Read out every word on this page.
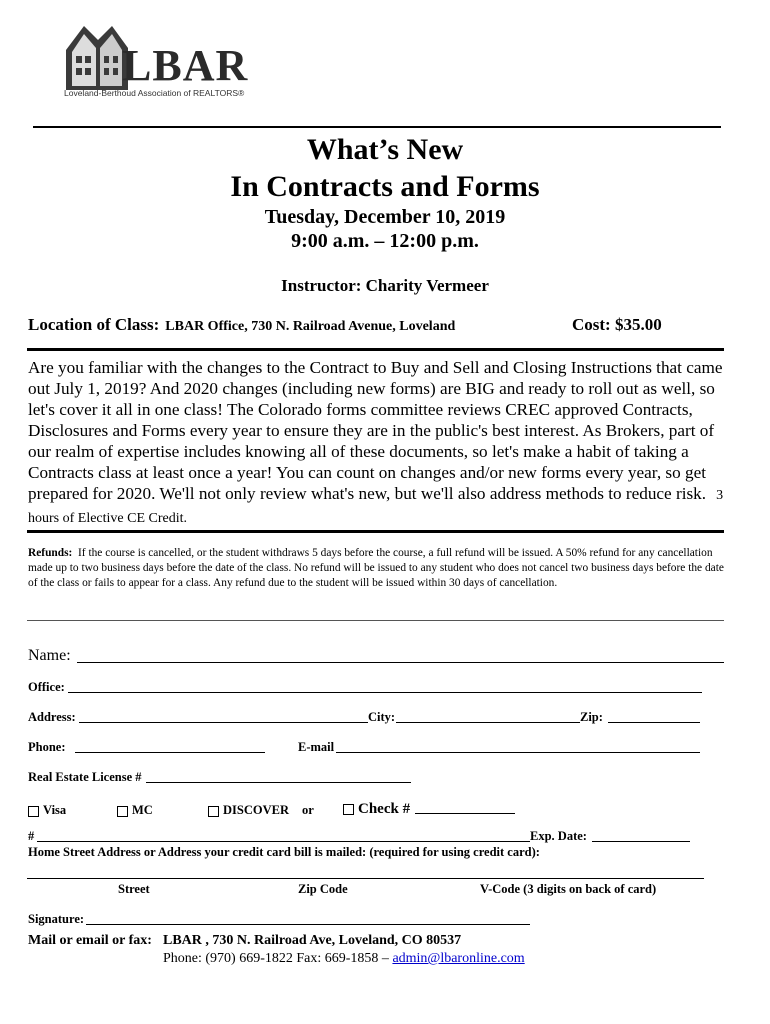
LBAR
Loveland-Berthoud Association of REALTORS®
What’s New
In Contracts and Forms
Tuesday, December 10, 2019
9:00 a.m. – 12:00 p.m.
Instructor: Charity Vermeer
Location of Class: LBAR Office, 730 N. Railroad Avenue, Loveland	Cost: $35.00
Are you familiar with the changes to the Contract to Buy and Sell and Closing Instructions that came out July 1, 2019? And 2020 changes (including new forms) are BIG and ready to roll out as well, so let's cover it all in one class! The Colorado forms committee reviews CREC approved Contracts, Disclosures and Forms every year to ensure they are in the public's best interest. As Brokers, part of our realm of expertise includes knowing all of these documents, so let's make a habit of taking a Contracts class at least once a year! You can count on changes and/or new forms every year, so get prepared for 2020. We'll not only review what's new, but we'll also address methods to reduce risk. 3 hours of Elective CE Credit.
Refunds: If the course is cancelled, or the student withdraws 5 days before the course, a full refund will be issued. A 50% refund for any cancellation made up to two business days before the date of the class. No refund will be issued to any student who does not cancel two business days before the date of the class or fails to appear for a class. Any refund due to the student will be issued within 30 days of cancellation.
Name:
Office:
Address:	City:	Zip:
Phone:	E-mail
Real Estate License #
Visa	MC	DISCOVER or	Check #
#	Exp. Date:
Home Street Address or Address your credit card bill is mailed: (required for using credit card):
Street	Zip Code	V-Code (3 digits on back of card)
Signature:
Mail or email or fax: LBAR , 730 N. Railroad Ave, Loveland, CO 80537
Phone: (970) 669-1822 Fax: 669-1858 – admin@lbaronline.com
